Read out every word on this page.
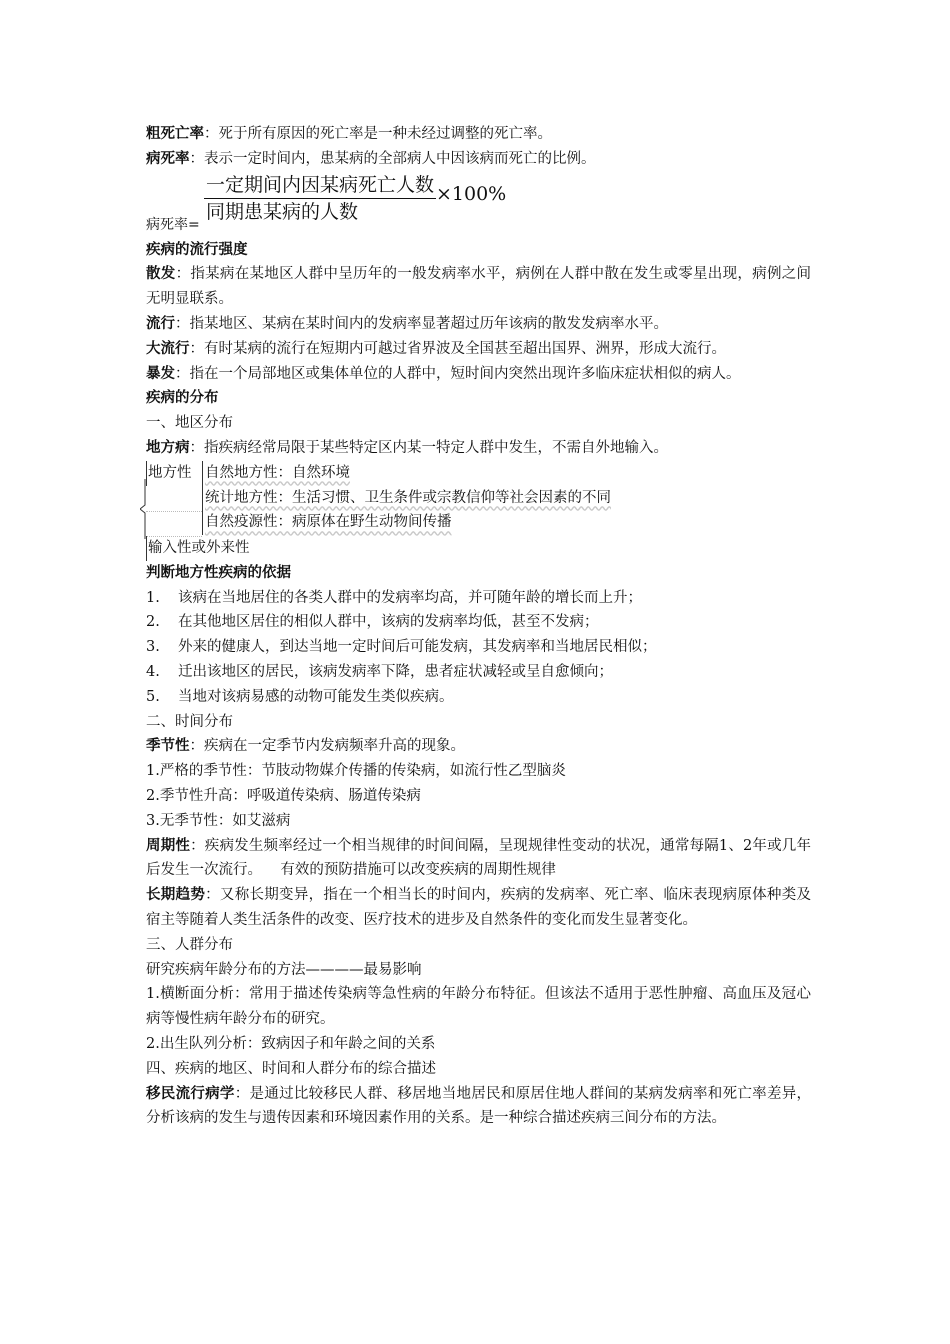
粗死亡率：死于所有原因的死亡率是一种未经过调整的死亡率。

病死率：表示一定时间内，患某病的全部病人中因该病而死亡的比例。

病死率=
一定期间内因某病死亡人数
同期患某病的人数
×100%

疾病的流行强度

散发：指某病在某地区人群中呈历年的一般发病率水平，病例在人群中散在发生或零星出现，病例之间无明显联系。

流行：指某地区、某病在某时间内的发病率显著超过历年该病的散发发病率水平。

大流行：有时某病的流行在短期内可越过省界波及全国甚至超出国界、洲界，形成大流行。

暴发：指在一个局部地区或集体单位的人群中，短时间内突然出现许多临床症状相似的病人。

疾病的分布

一、地区分布

地方病：指疾病经常局限于某些特定区内某一特定人群中发生，不需自外地输入。

地方性 自然地方性：自然环境
统计地方性：生活习惯、卫生条件或宗教信仰等社会因素的不同
自然疫源性：病原体在野生动物间传播
输入性或外来性

判断地方性疾病的依据

1.	该病在当地居住的各类人群中的发病率均高，并可随年龄的增长而上升；
2.	在其他地区居住的相似人群中，该病的发病率均低，甚至不发病；
3.	外来的健康人，到达当地一定时间后可能发病，其发病率和当地居民相似；
4.	迁出该地区的居民，该病发病率下降，患者症状减轻或呈自愈倾向；
5.	当地对该病易感的动物可能发生类似疾病。

二、时间分布

季节性：疾病在一定季节内发病频率升高的现象。

1.严格的季节性：节肢动物媒介传播的传染病，如流行性乙型脑炎

2.季节性升高：呼吸道传染病、肠道传染病

3.无季节性：如艾滋病

周期性：疾病发生频率经过一个相当规律的时间间隔，呈现规律性变动的状况，通常每隔1、2年或几年后发生一次流行。    有效的预防措施可以改变疾病的周期性规律

长期趋势：又称长期变异，指在一个相当长的时间内，疾病的发病率、死亡率、临床表现病原体种类及宿主等随着人类生活条件的改变、医疗技术的进步及自然条件的变化而发生显著变化。

三、人群分布

研究疾病年龄分布的方法————最易影响

1.横断面分析：常用于描述传染病等急性病的年龄分布特征。但该法不适用于恶性肿瘤、高血压及冠心病等慢性病年龄分布的研究。

2.出生队列分析：致病因子和年龄之间的关系

四、疾病的地区、时间和人群分布的综合描述

移民流行病学：是通过比较移民人群、移居地当地居民和原居住地人群间的某病发病率和死亡率差异，分析该病的发生与遗传因素和环境因素作用的关系。是一种综合描述疾病三间分布的方法。
